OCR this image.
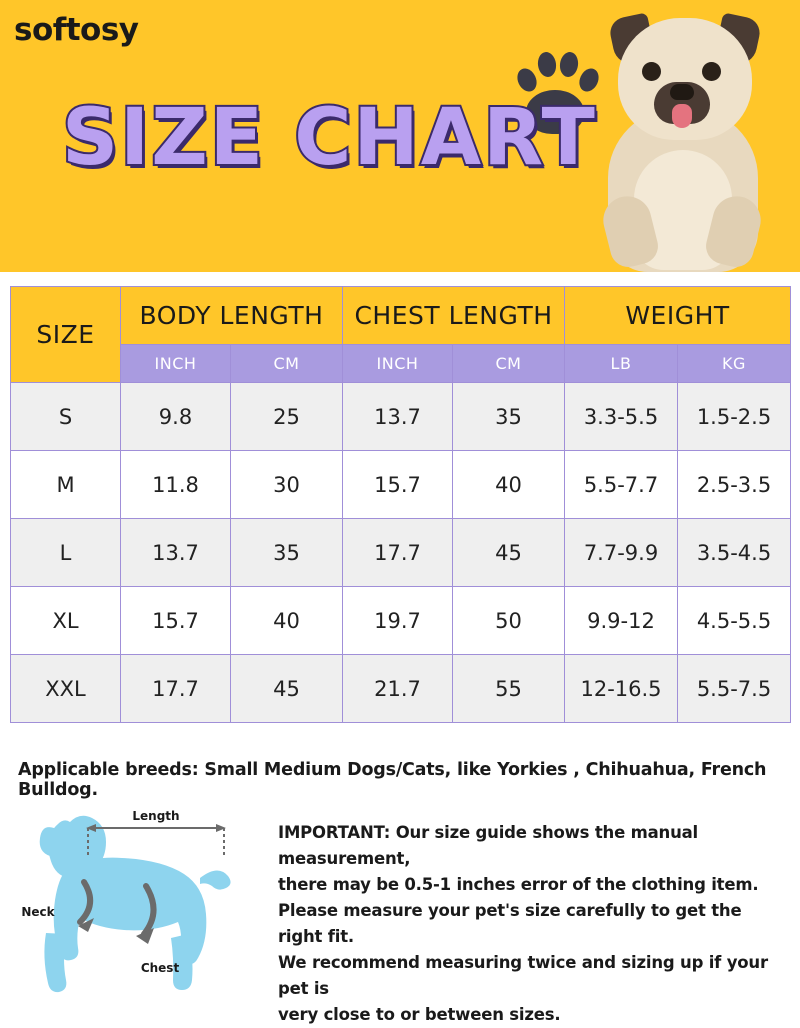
softosy
SIZE CHART
SIZE	BODY LENGTH		CHEST LENGTH		WEIGHT	
	INCH	CM	INCH	CM	LB	KG
S	9.8	25	13.7	35	3.3-5.5	1.5-2.5
M	11.8	30	15.7	40	5.5-7.7	2.5-3.5
L	13.7	35	17.7	45	7.7-9.9	3.5-4.5
XL	15.7	40	19.7	50	9.9-12	4.5-5.5
XXL	17.7	45	21.7	55	12-16.5	5.5-7.5
Applicable breeds: Small Medium Dogs/Cats, like Yorkies , Chihuahua, French Bulldog.
Length
Neck
Chest

IMPORTANT: Our size guide shows the manual measurement,

there may be 0.5-1 inches error of the clothing item.

Please measure your pet's size carefully to get the right fit.

We recommend measuring twice and sizing up if your pet is

very close to or between sizes.
